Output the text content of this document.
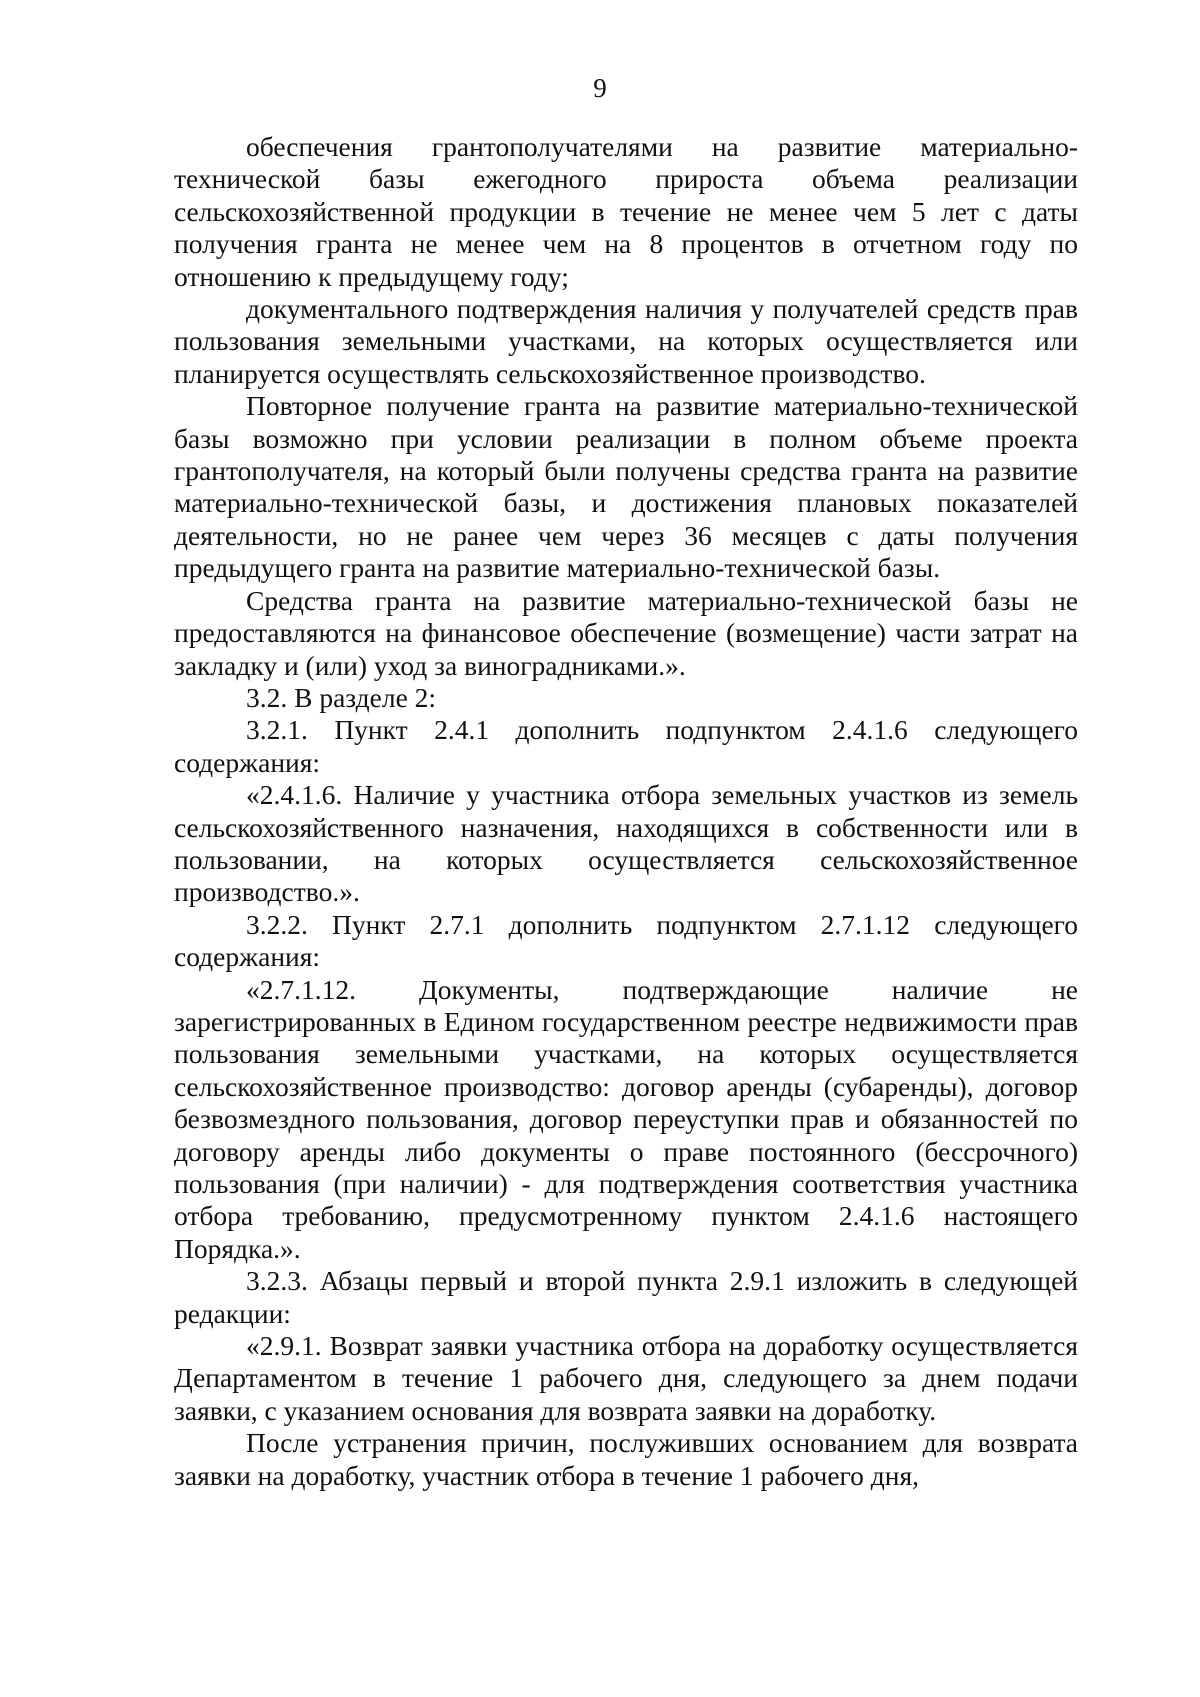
9

обеспечения грантополучателями на развитие материально-технической базы ежегодного прироста объема реализации сельскохозяйственной продукции в течение не менее чем 5 лет с даты получения гранта не менее чем на 8 процентов в отчетном году по отношению к предыдущему году;

документального подтверждения наличия у получателей средств прав пользования земельными участками, на которых осуществляется или планируется осуществлять сельскохозяйственное производство.

Повторное получение гранта на развитие материально-технической базы возможно при условии реализации в полном объеме проекта грантополучателя, на который были получены средства гранта на развитие материально-технической базы, и достижения плановых показателей деятельности, но не ранее чем через 36 месяцев с даты получения предыдущего гранта на развитие материально-технической базы.

Средства гранта на развитие материально-технической базы не предоставляются на финансовое обеспечение (возмещение) части затрат на закладку и (или) уход за виноградниками.».

3.2. В разделе 2:

3.2.1. Пункт 2.4.1 дополнить подпунктом 2.4.1.6 следующего содержания:

«2.4.1.6. Наличие у участника отбора земельных участков из земель сельскохозяйственного назначения, находящихся в собственности или в пользовании, на которых осуществляется сельскохозяйственное производство.».

3.2.2. Пункт 2.7.1 дополнить подпунктом 2.7.1.12 следующего содержания:

«2.7.1.12. Документы, подтверждающие наличие не зарегистрированных в Едином государственном реестре недвижимости прав пользования земельными участками, на которых осуществляется сельскохозяйственное производство: договор аренды (субаренды), договор безвозмездного пользования, договор переуступки прав и обязанностей по договору аренды либо документы о праве постоянного (бессрочного) пользования (при наличии) - для подтверждения соответствия участника отбора требованию, предусмотренному пунктом 2.4.1.6 настоящего Порядка.».

3.2.3. Абзацы первый и второй пункта 2.9.1 изложить в следующей редакции:

«2.9.1. Возврат заявки участника отбора на доработку осуществляется Департаментом в течение 1 рабочего дня, следующего за днем подачи заявки, с указанием основания для возврата заявки на доработку.

После устранения причин, послуживших основанием для возврата заявки на доработку, участник отбора в течение 1 рабочего дня,
